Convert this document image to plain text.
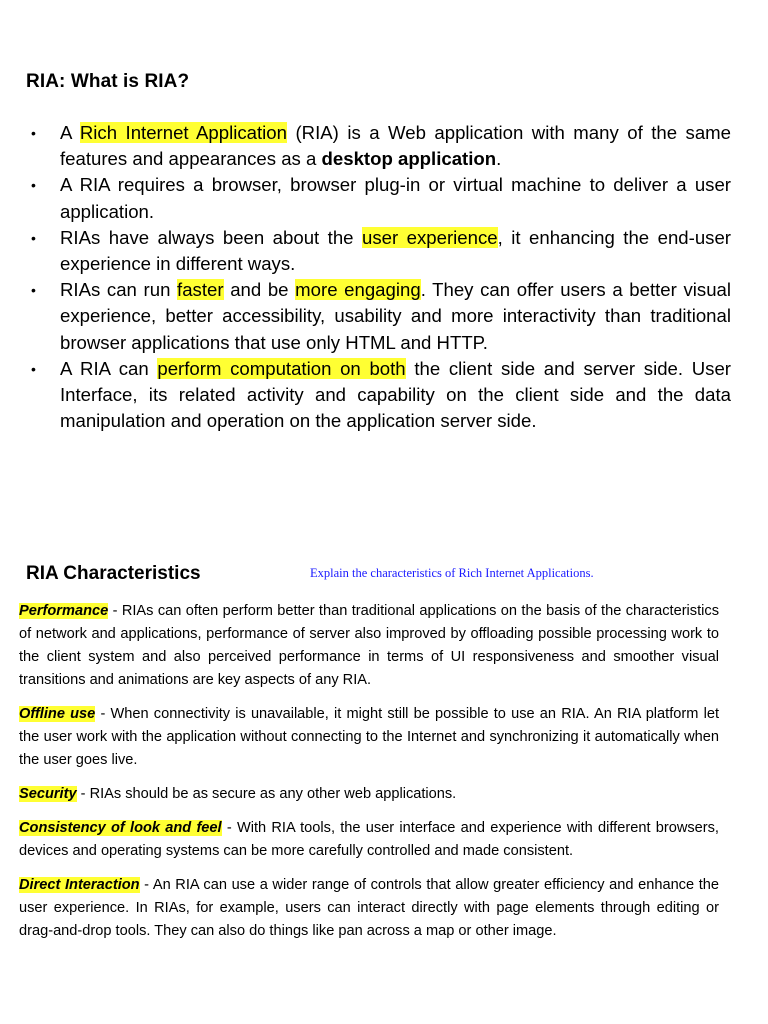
RIA: What is RIA?
• A Rich Internet Application (RIA) is a Web application with many of the same features and appearances as a desktop application.
• A RIA requires a browser, browser plug-in or virtual machine to deliver a user application.
• RIAs have always been about the user experience, it enhancing the end-user experience in different ways.
• RIAs can run faster and be more engaging. They can offer users a better visual experience, better accessibility, usability and more interactivity than traditional browser applications that use only HTML and HTTP.
• A RIA can perform computation on both the client side and server side. User Interface, its related activity and capability on the client side and the data manipulation and operation on the application server side.
RIA Characteristics	Explain the characteristics of Rich Internet Applications.

Performance - RIAs can often perform better than traditional applications on the basis of the characteristics of network and applications, performance of server also improved by offloading possible processing work to the client system and also perceived performance in terms of UI responsiveness and smoother visual transitions and animations are key aspects of any RIA.

Offline use - When connectivity is unavailable, it might still be possible to use an RIA. An RIA platform let the user work with the application without connecting to the Internet and synchronizing it automatically when the user goes live.

Security - RIAs should be as secure as any other web applications.

Consistency of look and feel - With RIA tools, the user interface and experience with different browsers, devices and operating systems can be more carefully controlled and made consistent.

Direct Interaction - An RIA can use a wider range of controls that allow greater efficiency and enhance the user experience. In RIAs, for example, users can interact directly with page elements through editing or drag-and-drop tools. They can also do things like pan across a map or other image.
